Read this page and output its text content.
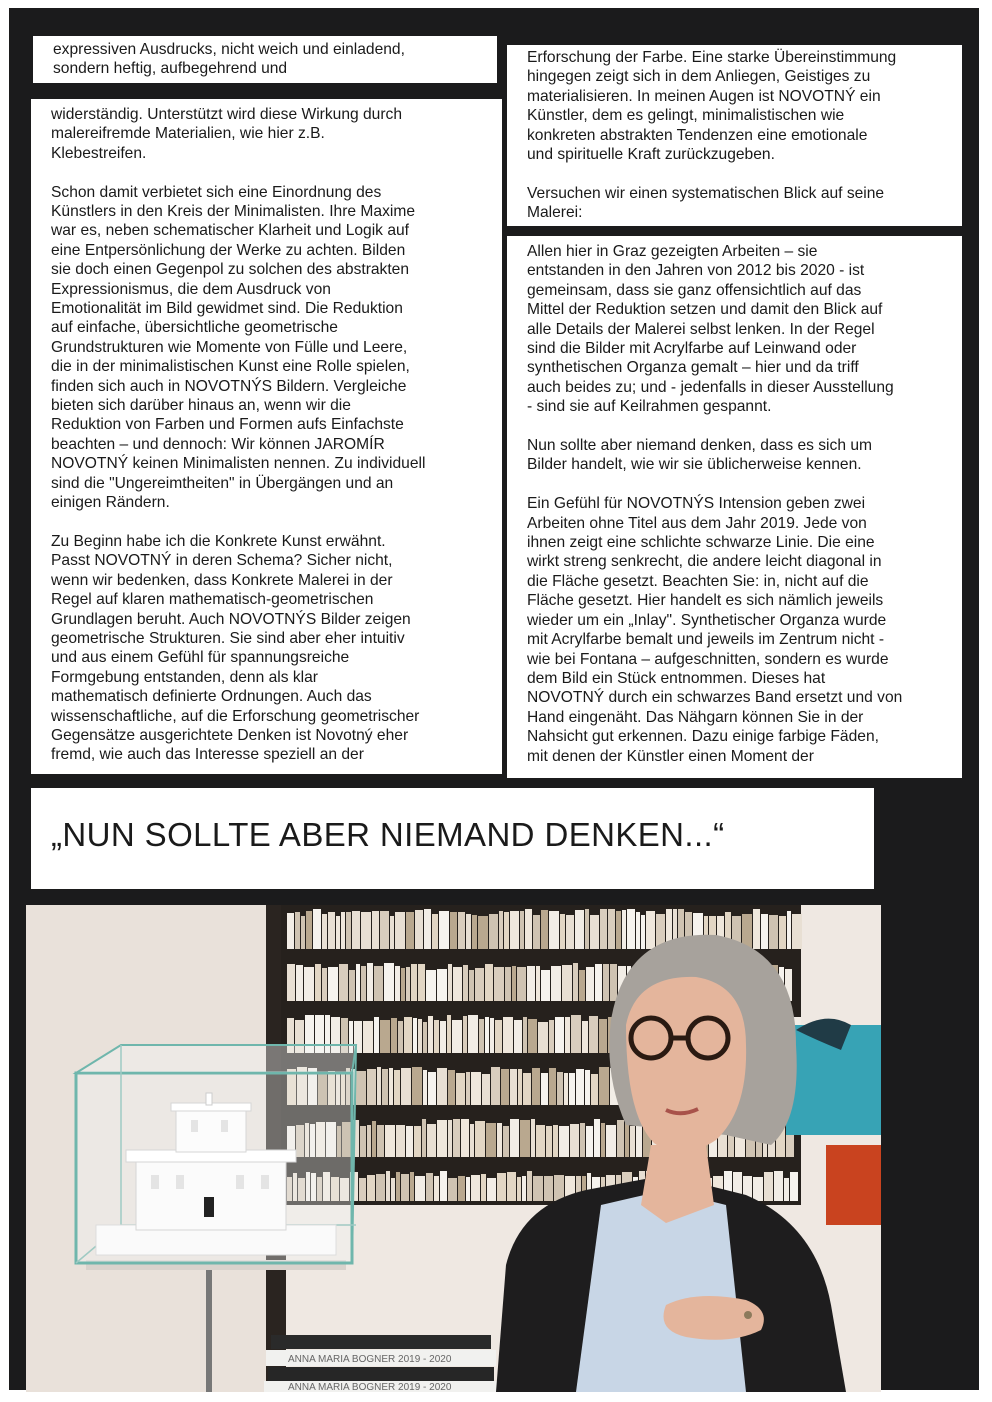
expressiven Ausdrucks, nicht weich und einladend,
sondern heftig, aufbegehrend und

widerständig. Unterstützt wird diese Wirkung durch
malereifremde Materialien, wie hier z.B.
Klebestreifen.

Schon damit verbietet sich eine Einordnung des
Künstlers in den Kreis der Minimalisten. Ihre Maxime
war es, neben schematischer Klarheit und Logik auf
eine Entpersönlichung der Werke zu achten. Bilden
sie doch einen Gegenpol zu solchen des abstrakten
Expressionismus, die dem Ausdruck von
Emotionalität im Bild gewidmet sind. Die Reduktion
auf einfache, übersichtliche geometrische
Grundstrukturen wie Momente von Fülle und Leere,
die in der minimalistischen Kunst eine Rolle spielen,
finden sich auch in NOVOTNÝS Bildern. Vergleiche
bieten sich darüber hinaus an, wenn wir die
Reduktion von Farben und Formen aufs Einfachste
beachten – und dennoch: Wir können JAROMÍR
NOVOTNÝ keinen Minimalisten nennen. Zu individuell
sind die "Ungereimtheiten" in Übergängen und an
einigen Rändern.

Zu Beginn habe ich die Konkrete Kunst erwähnt.
Passt NOVOTNÝ in deren Schema? Sicher nicht,
wenn wir bedenken, dass Konkrete Malerei in der
Regel auf klaren mathematisch-geometrischen
Grundlagen beruht. Auch NOVOTNÝS Bilder zeigen
geometrische Strukturen. Sie sind aber eher intuitiv
und aus einem Gefühl für spannungsreiche
Formgebung entstanden, denn als klar
mathematisch definierte Ordnungen. Auch das
wissenschaftliche, auf die Erforschung geometrischer
Gegensätze ausgerichtete Denken ist Novotný eher
fremd, wie auch das Interesse speziell an der

Erforschung der Farbe. Eine starke Übereinstimmung
hingegen zeigt sich in dem Anliegen, Geistiges zu
materialisieren. In meinen Augen ist NOVOTNÝ ein
Künstler, dem es gelingt, minimalistischen wie
konkreten abstrakten Tendenzen eine emotionale
und spirituelle Kraft zurückzugeben.

Versuchen wir einen systematischen Blick auf seine
Malerei:

Allen hier in Graz gezeigten Arbeiten – sie
entstanden in den Jahren von 2012 bis 2020 - ist
gemeinsam, dass sie ganz offensichtlich auf das
Mittel der Reduktion setzen und damit den Blick auf
alle Details der Malerei selbst lenken. In der Regel
sind die Bilder mit Acrylfarbe auf Leinwand oder
synthetischen Organza gemalt – hier und da triff
auch beides zu; und - jedenfalls in dieser Ausstellung
- sind sie auf Keilrahmen gespannt.

Nun sollte aber niemand denken, dass es sich um
Bilder handelt, wie wir sie üblicherweise kennen.

Ein Gefühl für NOVOTNÝS Intension geben zwei
Arbeiten ohne Titel aus dem Jahr 2019. Jede von
ihnen zeigt eine schlichte schwarze Linie. Die eine
wirkt streng senkrecht, die andere leicht diagonal in
die Fläche gesetzt. Beachten Sie: in, nicht auf die
Fläche gesetzt. Hier handelt es sich nämlich jeweils
wieder um ein „Inlay". Synthetischer Organza wurde
mit Acrylfarbe bemalt und jeweils im Zentrum nicht -
wie bei Fontana – aufgeschnitten, sondern es wurde
dem Bild ein Stück entnommen. Dieses hat
NOVOTNÝ durch ein schwarzes Band ersetzt und von
Hand eingenäht. Das Nähgarn können Sie in der
Nahsicht gut erkennen. Dazu einige farbige Fäden,
mit denen der Künstler einen Moment der

„NUN SOLLTE ABER NIEMAND DENKEN...“
ANNA MARIA BOGNER 2019 - 2020
ANNA MARIA BOGNER 2019 - 2020
